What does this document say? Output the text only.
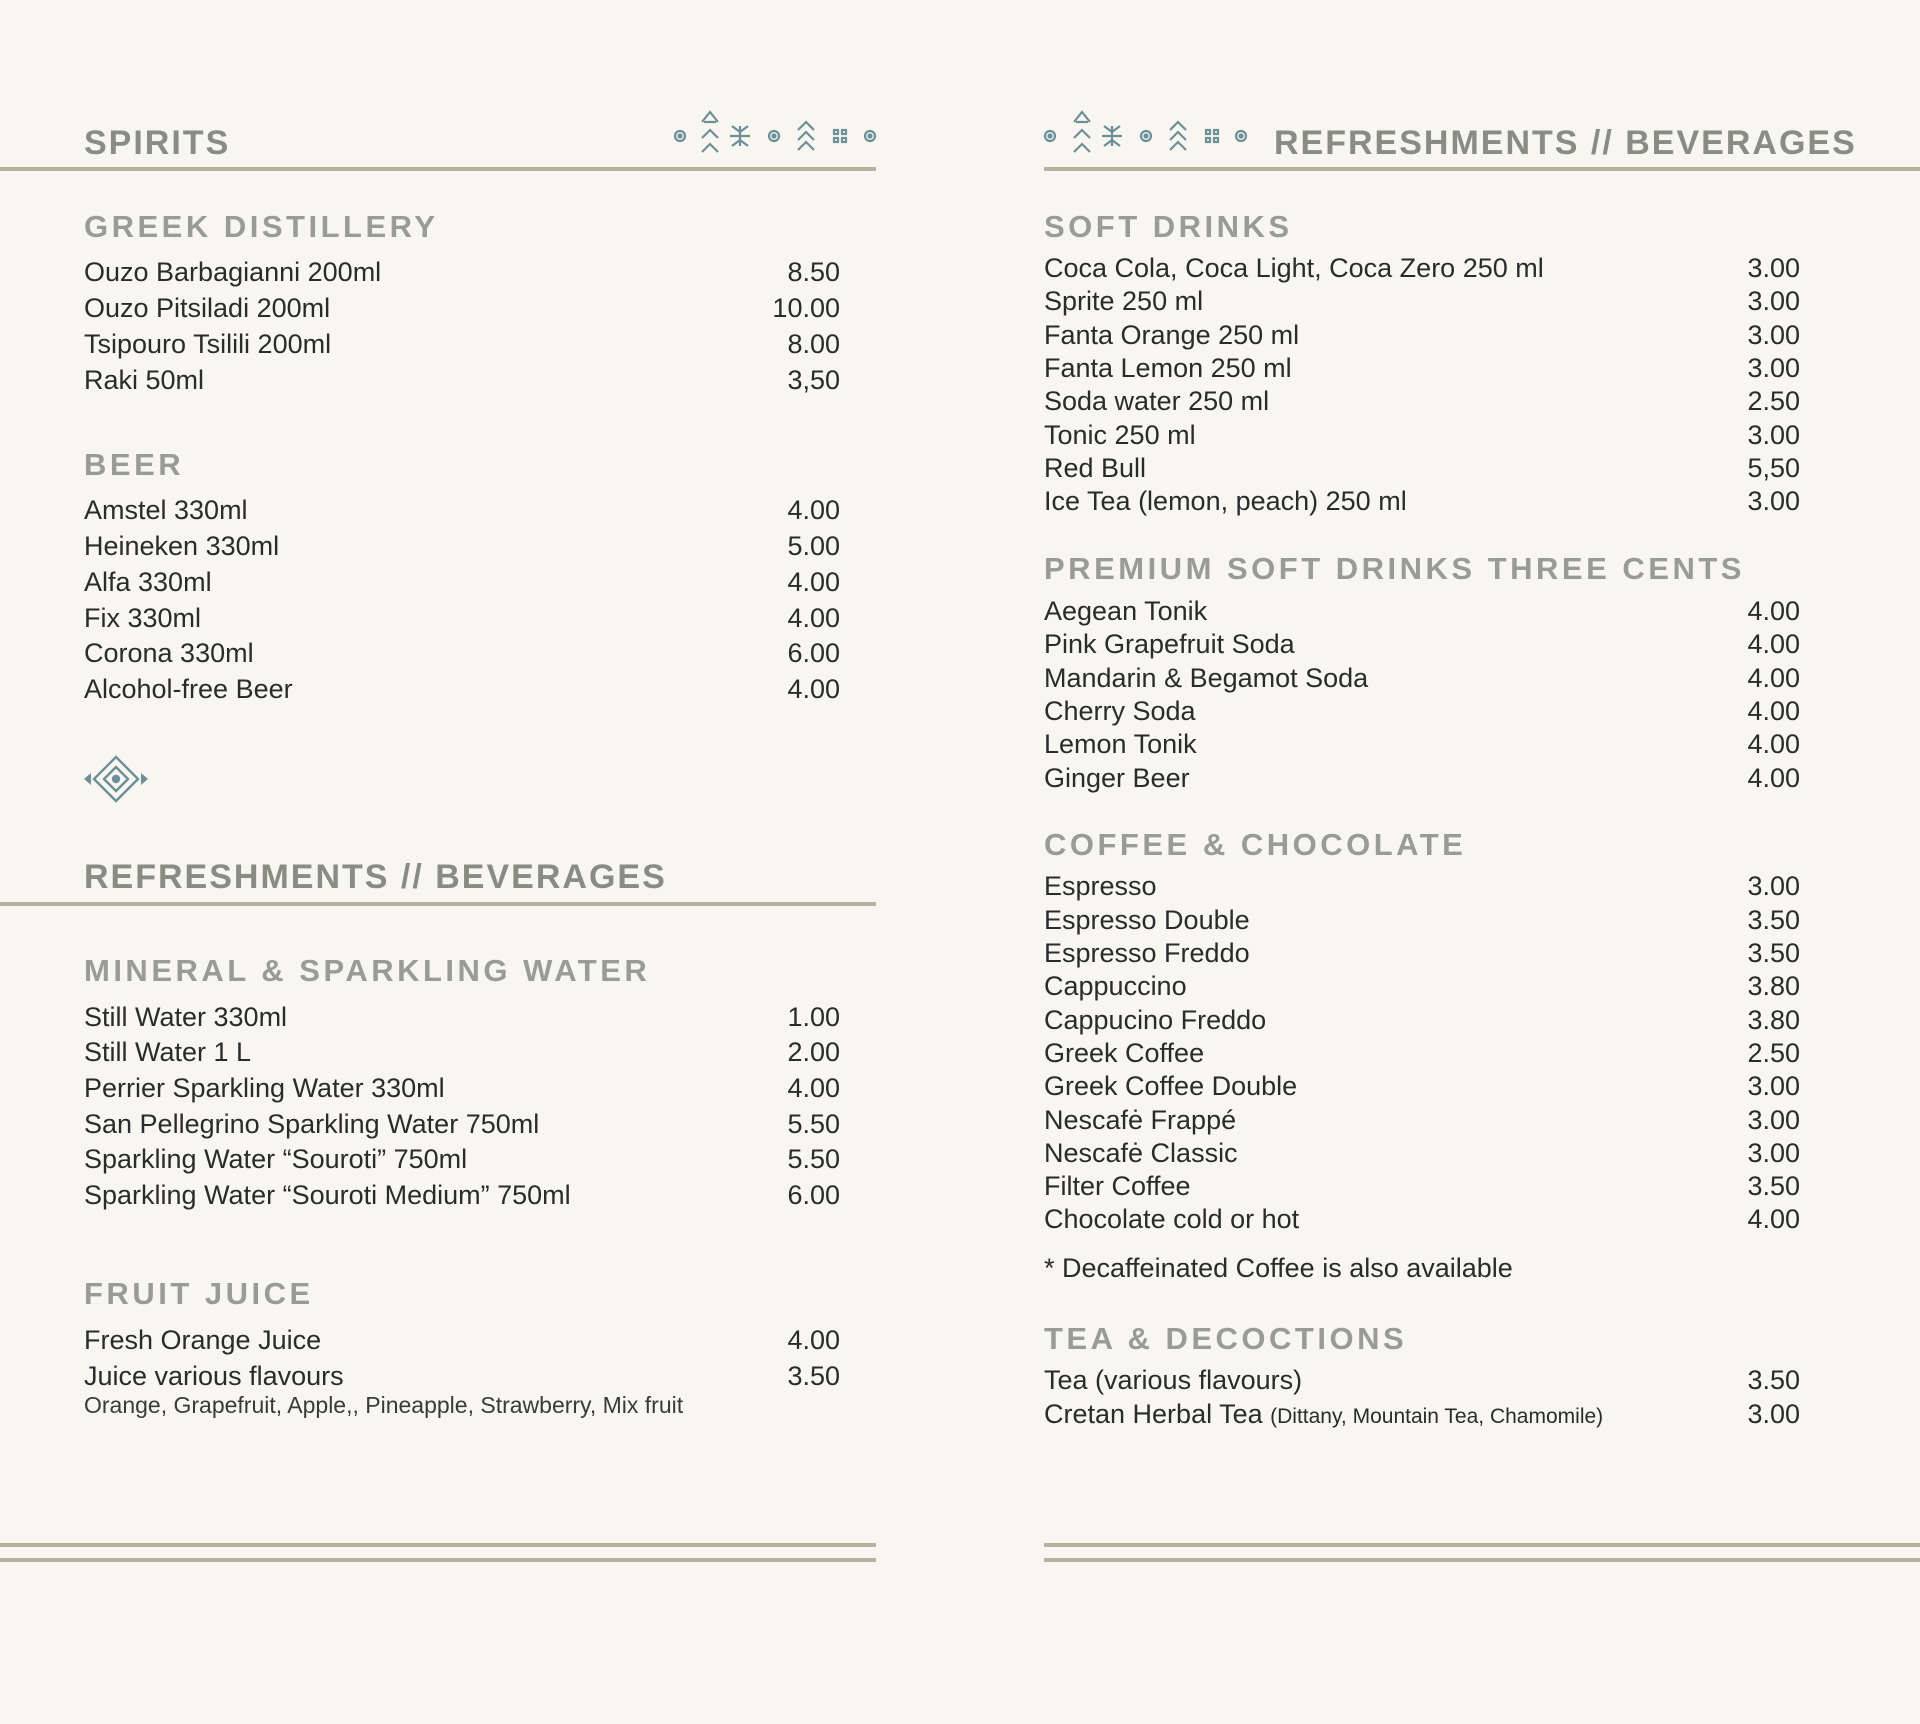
SPIRITS
GREEK DISTILLERY
Ouzo Barbagianni 200ml	8.50
Ouzo Pitsiladi 200ml	10.00
Tsipouro Tsilili 200ml	8.00
Raki 50ml	3,50
BEER
Amstel 330ml	4.00
Heineken 330ml	5.00
Alfa 330ml	4.00
Fix 330ml	4.00
Corona 330ml	6.00
Alcohol-free Beer	4.00
REFRESHMENTS // BEVERAGES
MINERAL & SPARKLING WATER
Still Water 330ml	1.00
Still Water 1 L	2.00
Perrier Sparkling Water 330ml	4.00
San Pellegrino Sparkling Water 750ml	5.50
Sparkling Water “Souroti” 750ml	5.50
Sparkling Water “Souroti Medium” 750ml	6.00
FRUIT JUICE
Fresh Orange Juice	4.00
Juice various flavours	3.50
Orange, Grapefruit, Apple,, Pineapple, Strawberry, Mix fruit
REFRESHMENTS // BEVERAGES
SOFT DRINKS
Coca Cola, Coca Light, Coca Zero 250 ml	3.00
Sprite 250 ml	3.00
Fanta Orange 250 ml	3.00
Fanta Lemon 250 ml	3.00
Soda water 250 ml	2.50
Tonic 250 ml	3.00
Red Bull	5,50
Ice Tea (lemon, peach) 250 ml	3.00
PREMIUM SOFT DRINKS THREE CENTS
Aegean Tonik	4.00
Pink Grapefruit Soda	4.00
Mandarin & Begamot Soda	4.00
Cherry Soda	4.00
Lemon Tonik	4.00
Ginger Beer	4.00
COFFEE & CHOCOLATE
Espresso	3.00
Espresso Double	3.50
Espresso Freddo	3.50
Cappuccino	3.80
Cappucino Freddo	3.80
Greek Coffee	2.50
Greek Coffee Double	3.00
Nescafė Frappé	3.00
Nescafė Classic	3.00
Filter Coffee	3.50
Chocolate cold or hot	4.00
* Decaffeinated Coffee is also available
TEA & DECOCTIONS
Tea (various flavours)	3.50
Cretan Herbal Tea (Dittany, Mountain Tea, Chamomile)	3.00
